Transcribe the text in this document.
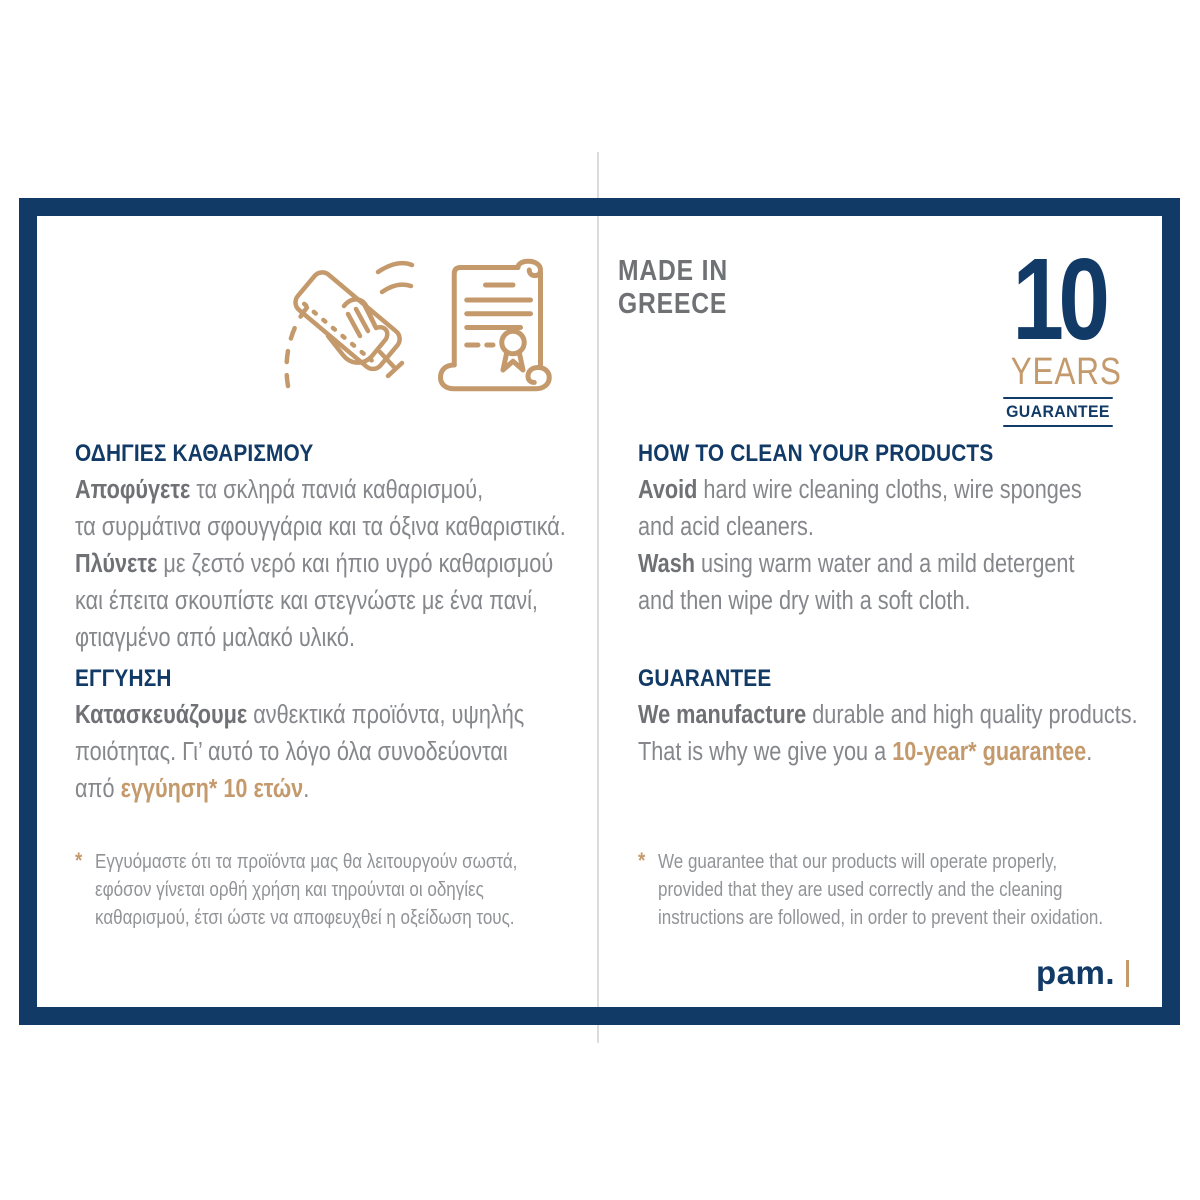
MADE IN
GREECE 10
YEARS
GUARANTEE
ΟΔΗΓΙΕΣ ΚΑΘΑΡΙΣΜΟΥ

Αποφύγετε τα σκληρά πανιά καθαρισμού,
τα συρμάτινα σφουγγάρια και τα όξινα καθαριστικά.
Πλύνετε με ζεστό νερό και ήπιο υγρό καθαρισμού
και έπειτα σκουπίστε και στεγνώστε με ένα πανί,
φτιαγμένο από μαλακό υλικό.

ΕΓΓΥΗΣΗ

Κατασκευάζουμε ανθεκτικά προϊόντα, υψηλής
ποιότητας. Γι’ αυτό το λόγο όλα συνοδεύονται
από εγγύηση* 10 ετών.

* Εγγυόμαστε ότι τα προϊόντα μας θα λειτουργούν σωστά,
εφόσον γίνεται ορθή χρήση και τηρούνται οι οδηγίες
καθαρισμού, έτσι ώστε να αποφευχθεί η οξείδωση τους.
HOW TO CLEAN YOUR PRODUCTS

Avoid hard wire cleaning cloths, wire sponges
and acid cleaners.
Wash using warm water and a mild detergent
and then wipe dry with a soft cloth.

GUARANTEE

We manufacture durable and high quality products.
That is why we give you a 10-year* guarantee.

* We guarantee that our products will operate properly,
provided that they are used correctly and the cleaning
instructions are followed, in order to prevent their oxidation.
pam.
